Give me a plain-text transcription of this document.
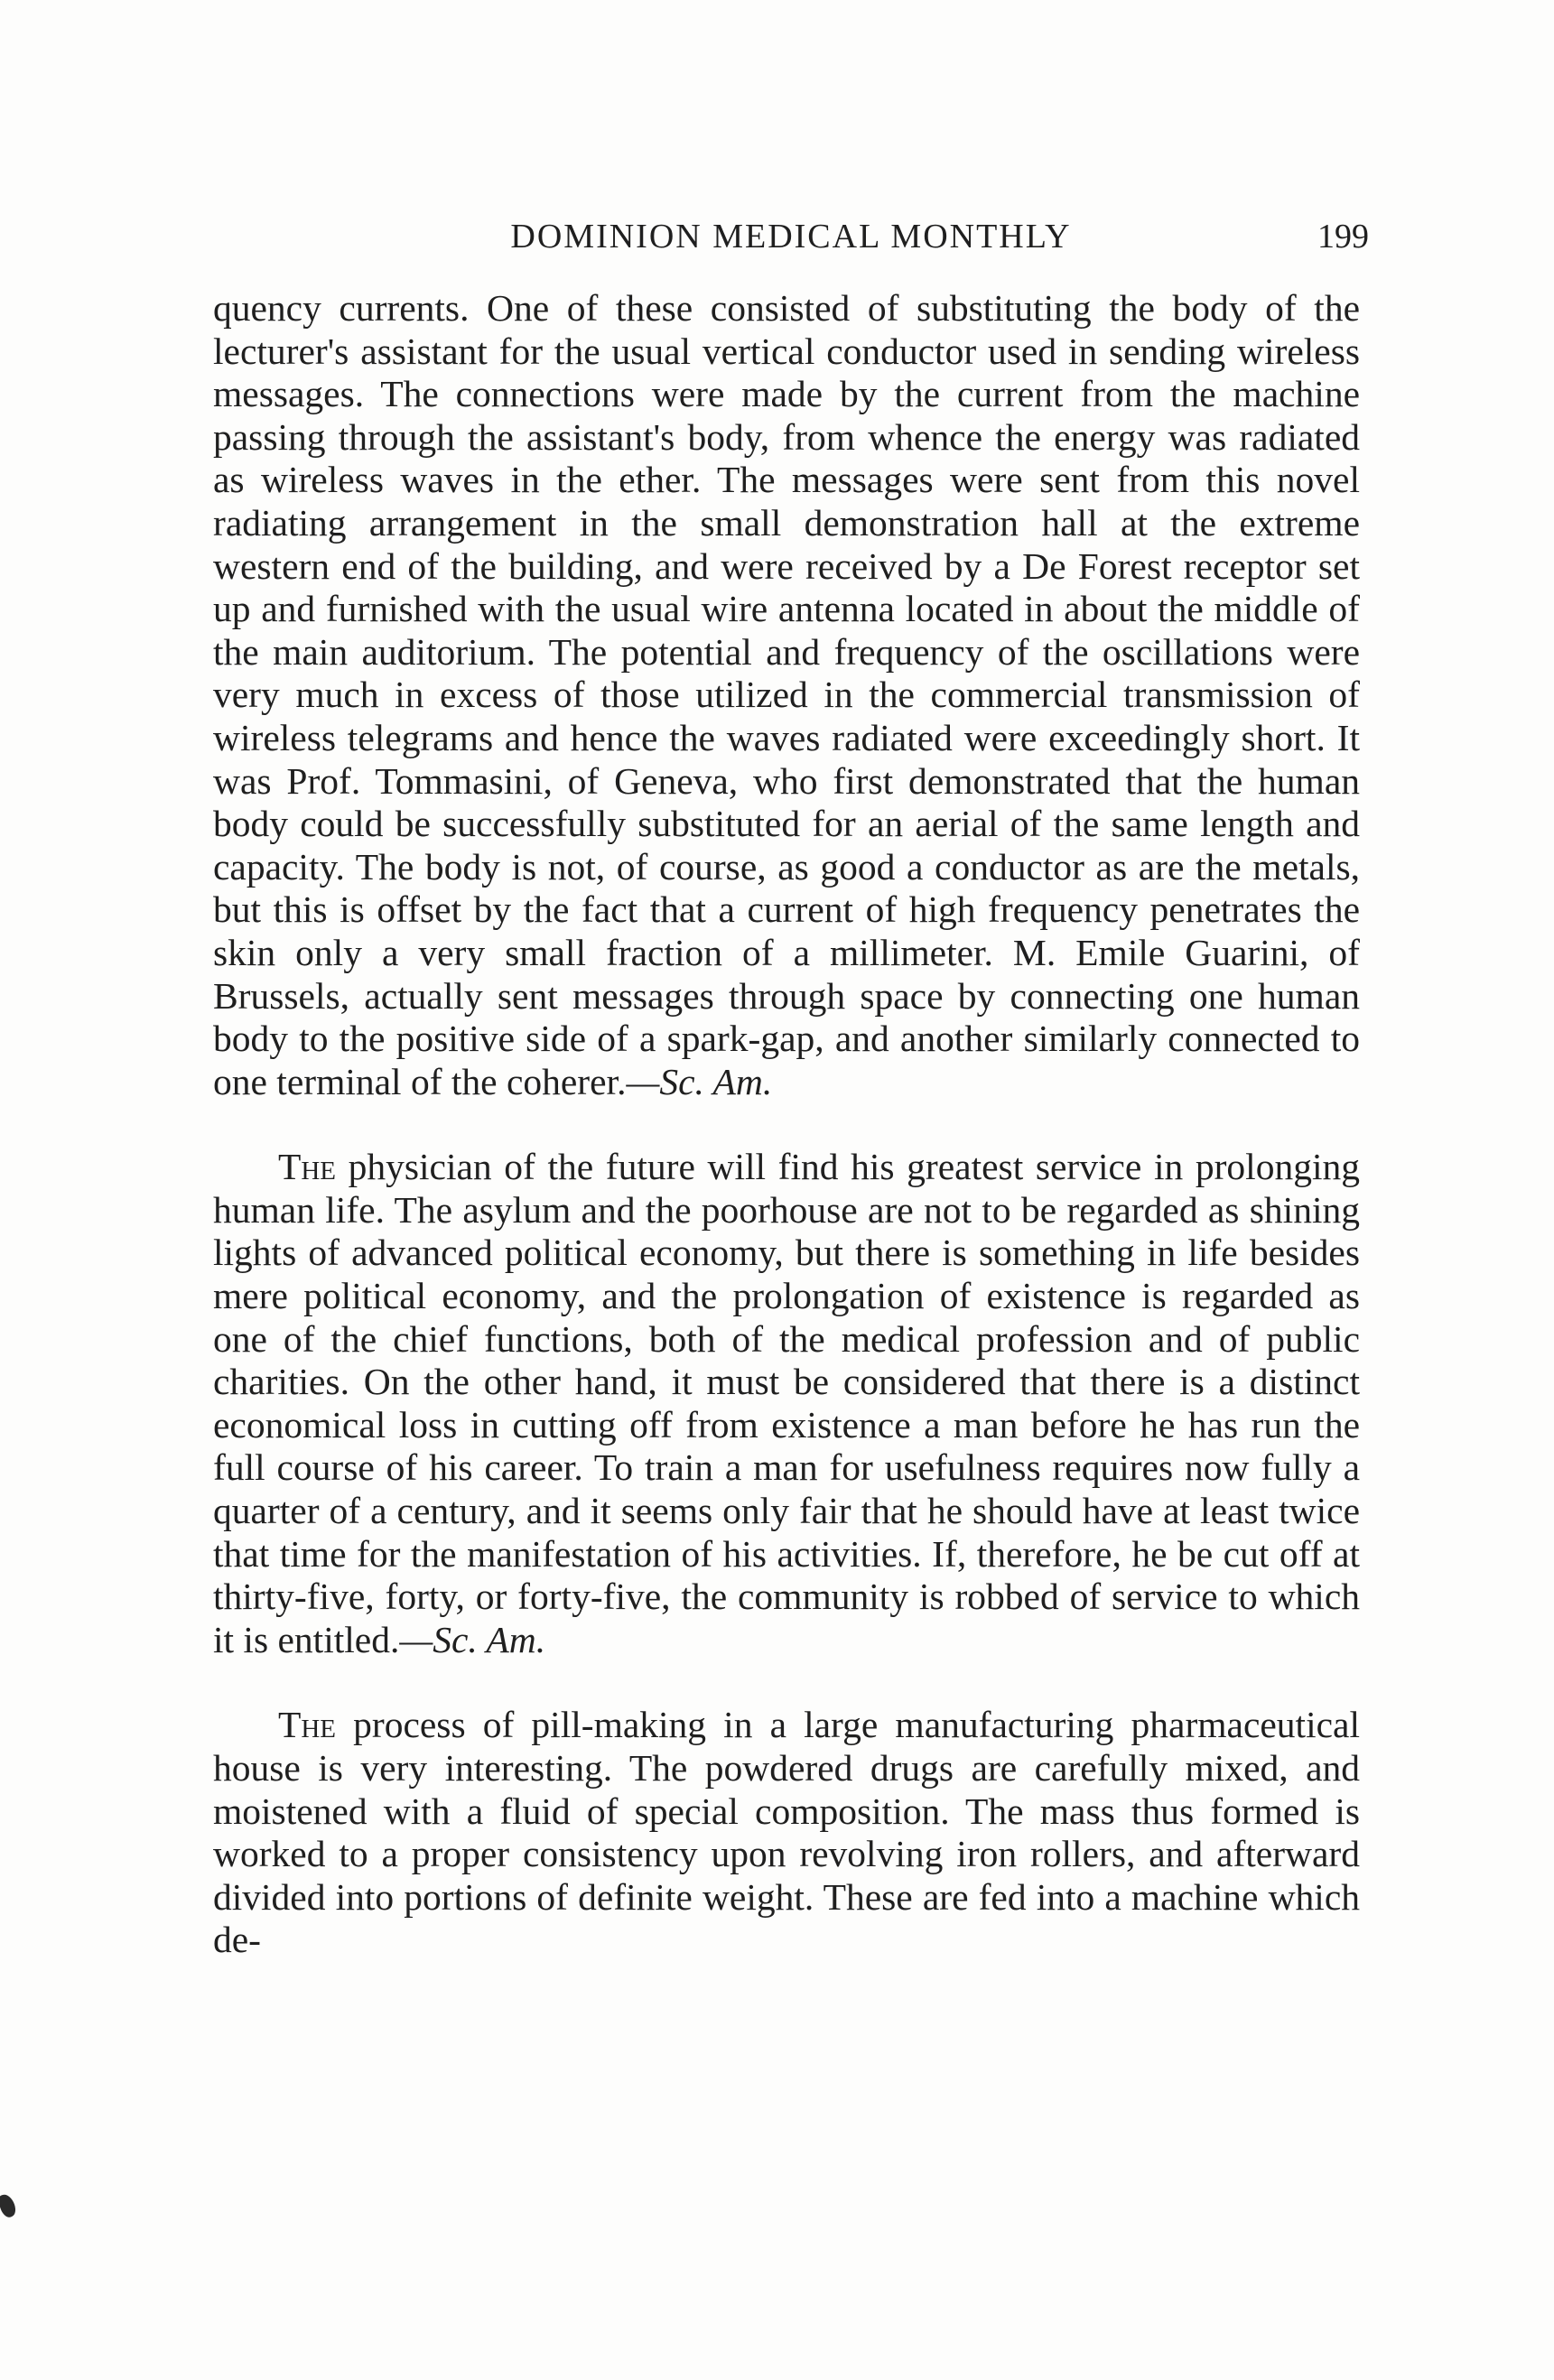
DOMINION MEDICAL MONTHLY	199

quency currents. One of these consisted of substituting the body of the lecturer's assistant for the usual vertical conductor used in sending wireless messages. The connections were made by the current from the machine passing through the assistant's body, from whence the energy was radiated as wireless waves in the ether. The messages were sent from this novel radiating arrangement in the small demonstration hall at the extreme western end of the building, and were received by a De Forest receptor set up and furnished with the usual wire antenna located in about the middle of the main auditorium. The potential and frequency of the oscillations were very much in excess of those utilized in the commercial transmission of wireless telegrams and hence the waves radiated were exceedingly short. It was Prof. Tommasini, of Geneva, who first demonstrated that the human body could be successfully substituted for an aerial of the same length and capacity. The body is not, of course, as good a conductor as are the metals, but this is offset by the fact that a current of high frequency penetrates the skin only a very small fraction of a millimeter. M. Emile Guarini, of Brussels, actually sent messages through space by connecting one human body to the positive side of a spark-gap, and another similarly connected to one terminal of the coherer.—Sc. Am.

The physician of the future will find his greatest service in prolonging human life. The asylum and the poorhouse are not to be regarded as shining lights of advanced political economy, but there is something in life besides mere political economy, and the prolongation of existence is regarded as one of the chief functions, both of the medical profession and of public charities. On the other hand, it must be considered that there is a distinct economical loss in cutting off from existence a man before he has run the full course of his career. To train a man for usefulness requires now fully a quarter of a century, and it seems only fair that he should have at least twice that time for the manifestation of his activities. If, therefore, he be cut off at thirty-five, forty, or forty-five, the community is robbed of service to which it is entitled.—Sc. Am.

The process of pill-making in a large manufacturing pharmaceutical house is very interesting. The powdered drugs are carefully mixed, and moistened with a fluid of special composition. The mass thus formed is worked to a proper consistency upon revolving iron rollers, and afterward divided into portions of definite weight. These are fed into a machine which de-
